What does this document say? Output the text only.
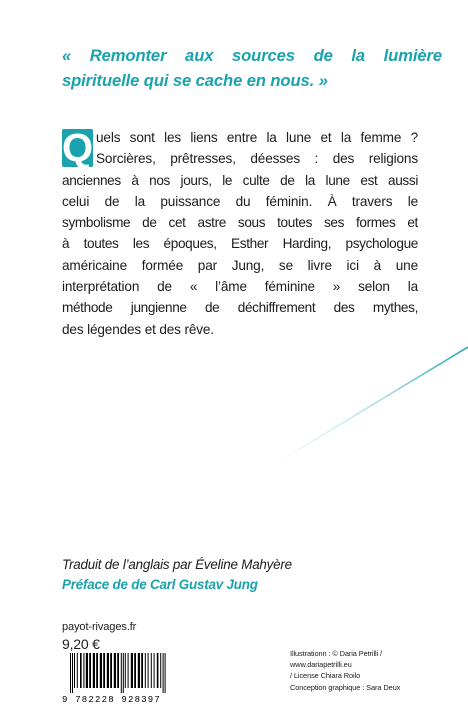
« Remonter aux sources de la lumière
spirituelle qui se cache en nous. »
Q uels sont les liens entre la lune et la femme ?
Sorcières, prêtresses, déesses : des religions
anciennes à nos jours, le culte de la lune est aussi
celui de la puissance du féminin. À travers le
symbolisme de cet astre sous toutes ses formes et
à toutes les époques, Esther Harding, psychologue
américaine formée par Jung, se livre ici à une
interprétation de « l’âme féminine » selon la
méthode jungienne de déchiffrement des mythes,
des légendes et des rêve.
Traduit de l’anglais par Éveline Mahyère
Préface de de Carl Gustav Jung
payot-rivages.fr
9,20 €
9 782228 928397
Illustrationn : © Daria Petrilli /
www.dariapetrilli.eu
/ License Chiara Roilo
Conception graphique : Sara Deux
